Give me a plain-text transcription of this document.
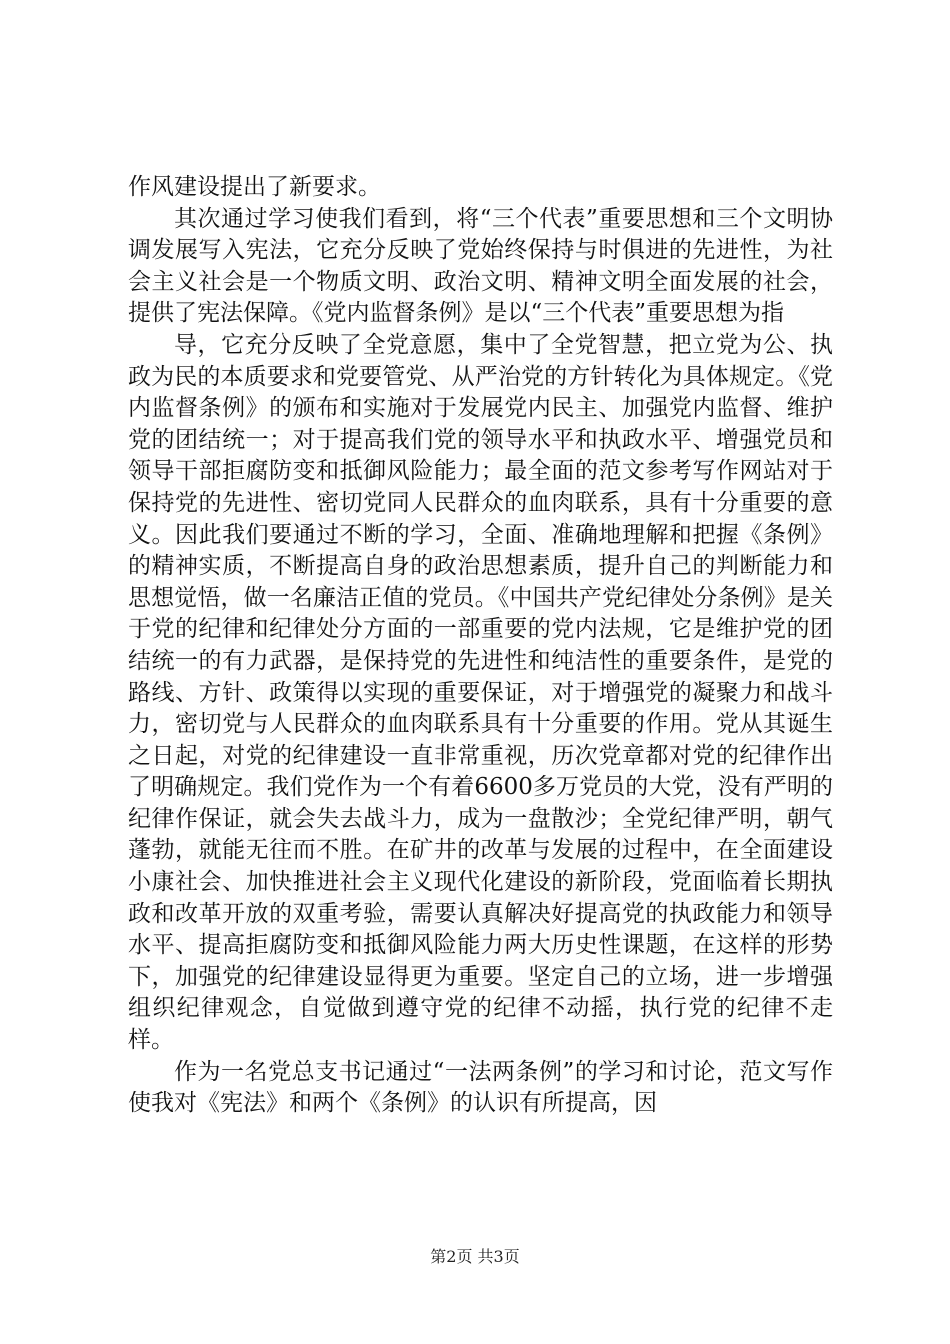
作风建设提出了新要求。

其次通过学习使我们看到，将“三个代表”重要思想和三个文明协调发展写入宪法，它充分反映了党始终保持与时俱进的先进性，为社会主义社会是一个物质文明、政治文明、精神文明全面发展的社会，提供了宪法保障。《党内监督条例》是以“三个代表”重要思想为指

导，它充分反映了全党意愿，集中了全党智慧，把立党为公、执政为民的本质要求和党要管党、从严治党的方针转化为具体规定。《党内监督条例》的颁布和实施对于发展党内民主、加强党内监督、维护党的团结统一；对于提高我们党的领导水平和执政水平、增强党员和领导干部拒腐防变和抵御风险能力；最全面的范文参考写作网站对于保持党的先进性、密切党同人民群众的血肉联系，具有十分重要的意义。因此我们要通过不断的学习，全面、准确地理解和把握《条例》的精神实质，不断提高自身的政治思想素质，提升自己的判断能力和思想觉悟，做一名廉洁正值的党员。《中国共产党纪律处分条例》是关于党的纪律和纪律处分方面的一部重要的党内法规，它是维护党的团结统一的有力武器，是保持党的先进性和纯洁性的重要条件，是党的路线、方针、政策得以实现的重要保证，对于增强党的凝聚力和战斗力，密切党与人民群众的血肉联系具有十分重要的作用。党从其诞生之日起，对党的纪律建设一直非常重视，历次党章都对党的纪律作出了明确规定。我们党作为一个有着6600多万党员的大党，没有严明的纪律作保证，就会失去战斗力，成为一盘散沙；全党纪律严明，朝气蓬勃，就能无往而不胜。在矿井的改革与发展的过程中，在全面建设小康社会、加快推进社会主义现代化建设的新阶段，党面临着长期执政和改革开放的双重考验，需要认真解决好提高党的执政能力和领导水平、提高拒腐防变和抵御风险能力两大历史性课题，在这样的形势下，加强党的纪律建设显得更为重要。坚定自己的立场，进一步增强组织纪律观念，自觉做到遵守党的纪律不动摇，执行党的纪律不走样。

作为一名党总支书记通过“一法两条例”的学习和讨论，范文写作使我对《宪法》和两个《条例》的认识有所提高，因

第2页 共3页
